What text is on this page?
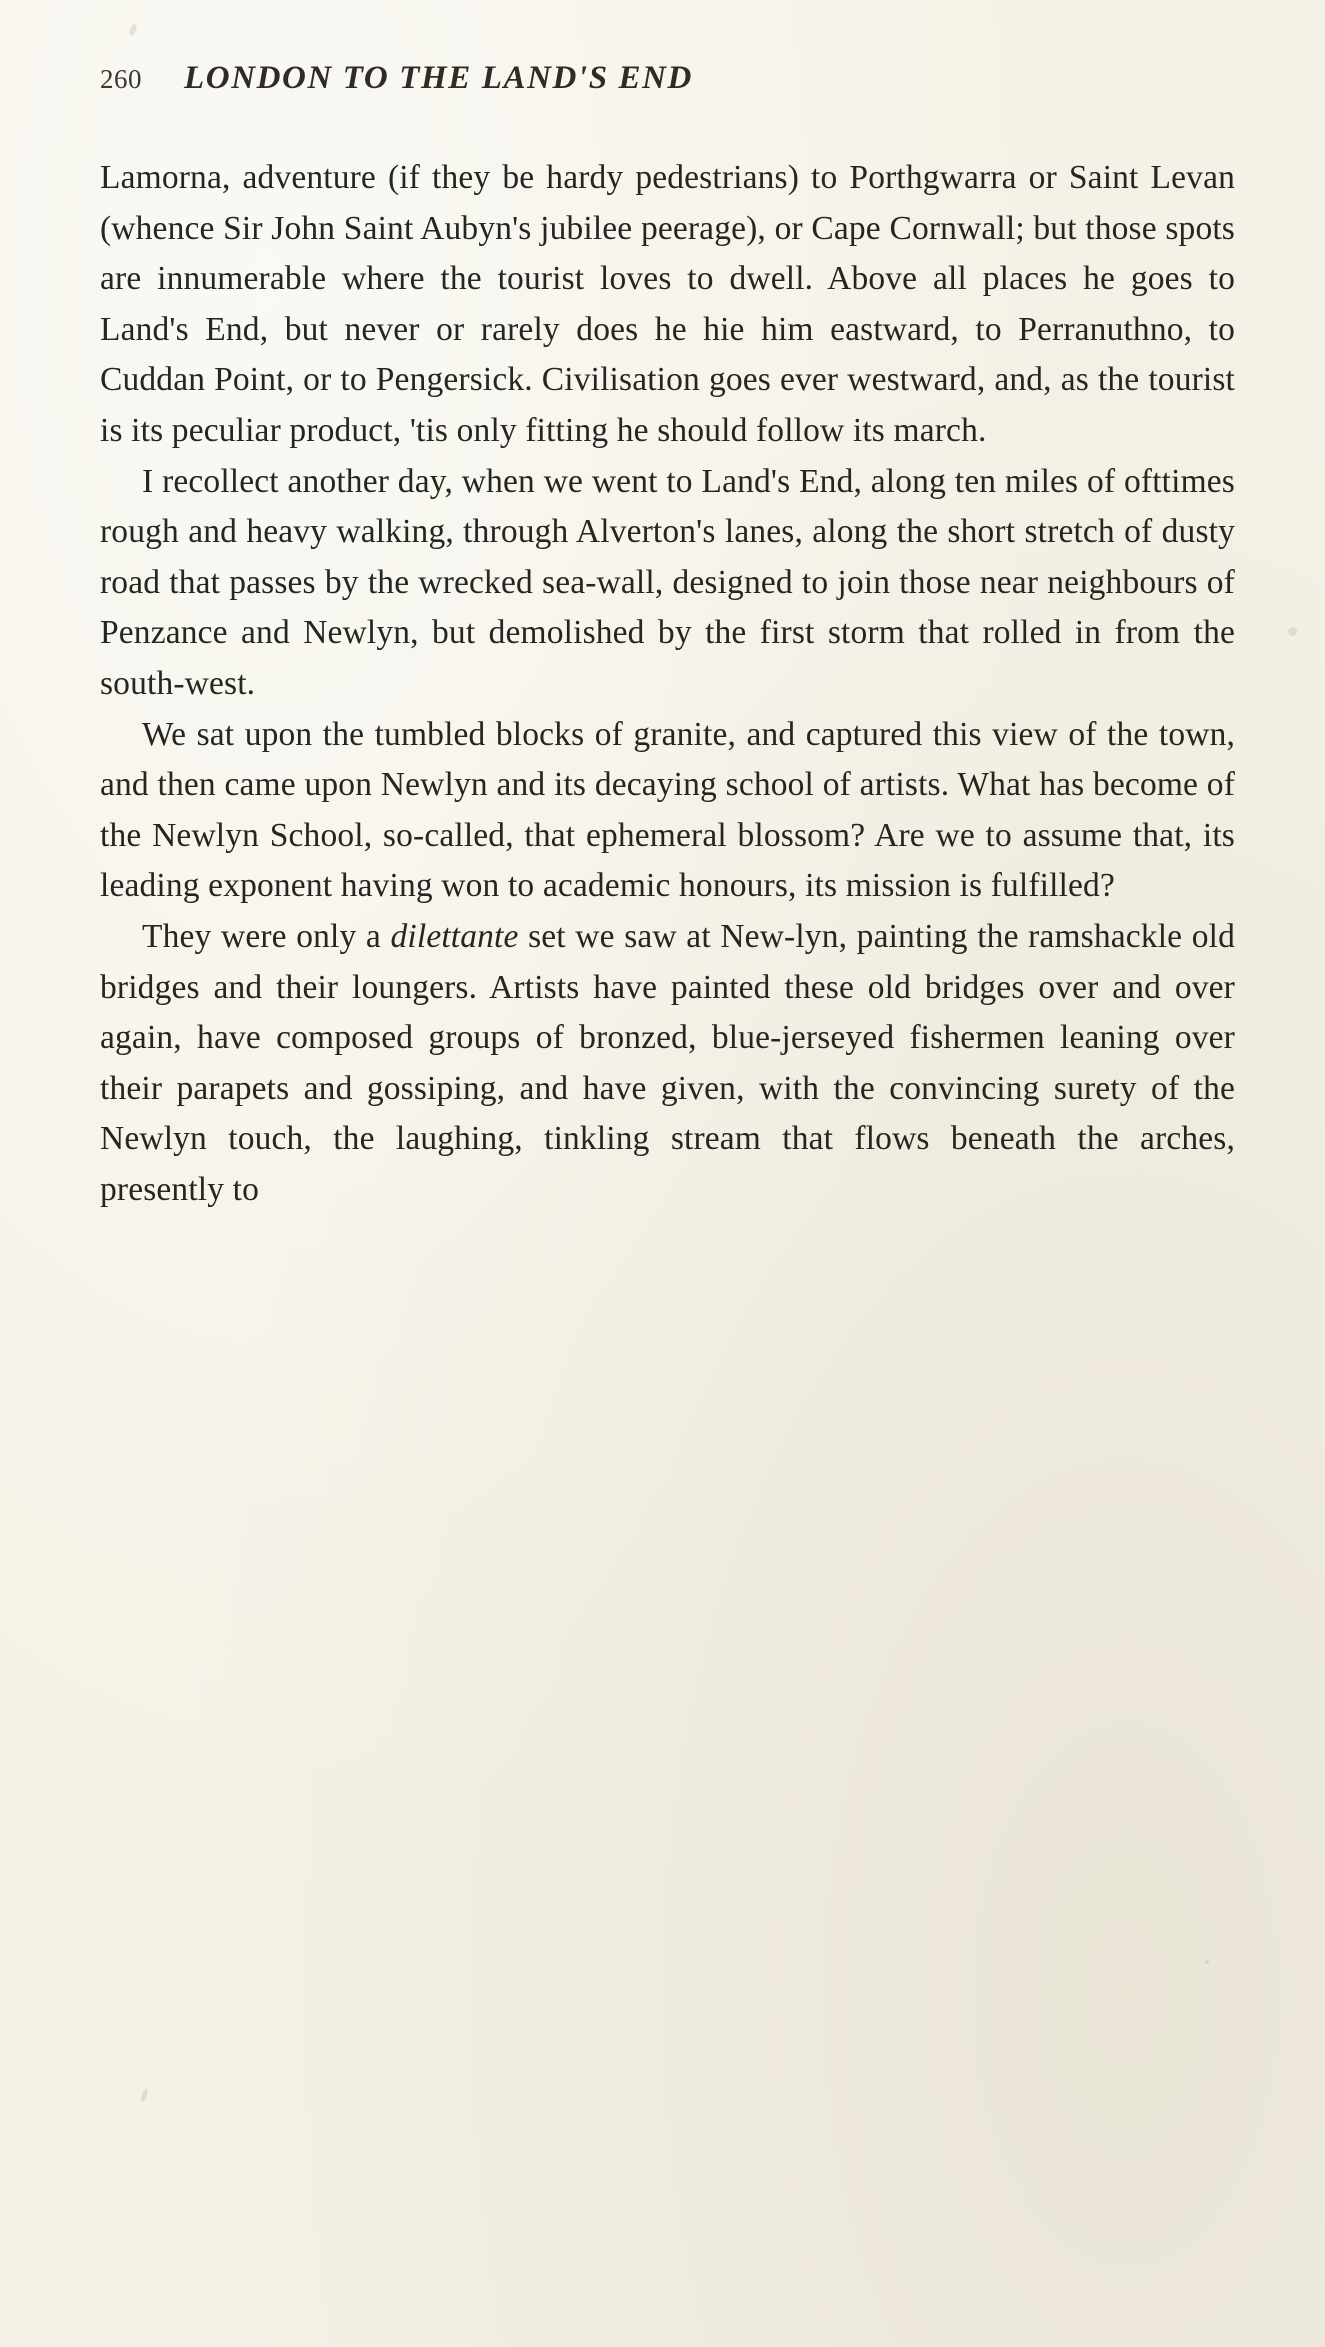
260 LONDON TO THE LAND'S END

Lamorna, adventure (if they be hardy pedestrians) to Porthgwarra or Saint Levan (whence Sir John Saint Aubyn's jubilee peerage), or Cape Cornwall; but those spots are innumerable where the tourist loves to dwell. Above all places he goes to Land's End, but never or rarely does he hie him eastward, to Perranuthno, to Cuddan Point, or to Pengersick. Civilisation goes ever westward, and, as the tourist is its peculiar product, 'tis only fitting he should follow its march.

I recollect another day, when we went to Land's End, along ten miles of ofttimes rough and heavy walking, through Alverton's lanes, along the short stretch of dusty road that passes by the wrecked sea-wall, designed to join those near neighbours of Penzance and Newlyn, but demolished by the first storm that rolled in from the south-west.

We sat upon the tumbled blocks of granite, and captured this view of the town, and then came upon Newlyn and its decaying school of artists. What has become of the Newlyn School, so-called, that ephemeral blossom? Are we to assume that, its leading exponent having won to academic honours, its mission is fulfilled?

They were only a dilettante set we saw at New-lyn, painting the ramshackle old bridges and their loungers. Artists have painted these old bridges over and over again, have composed groups of bronzed, blue-jerseyed fishermen leaning over their parapets and gossiping, and have given, with the convincing surety of the Newlyn touch, the laughing, tinkling stream that flows beneath the arches, presently to
